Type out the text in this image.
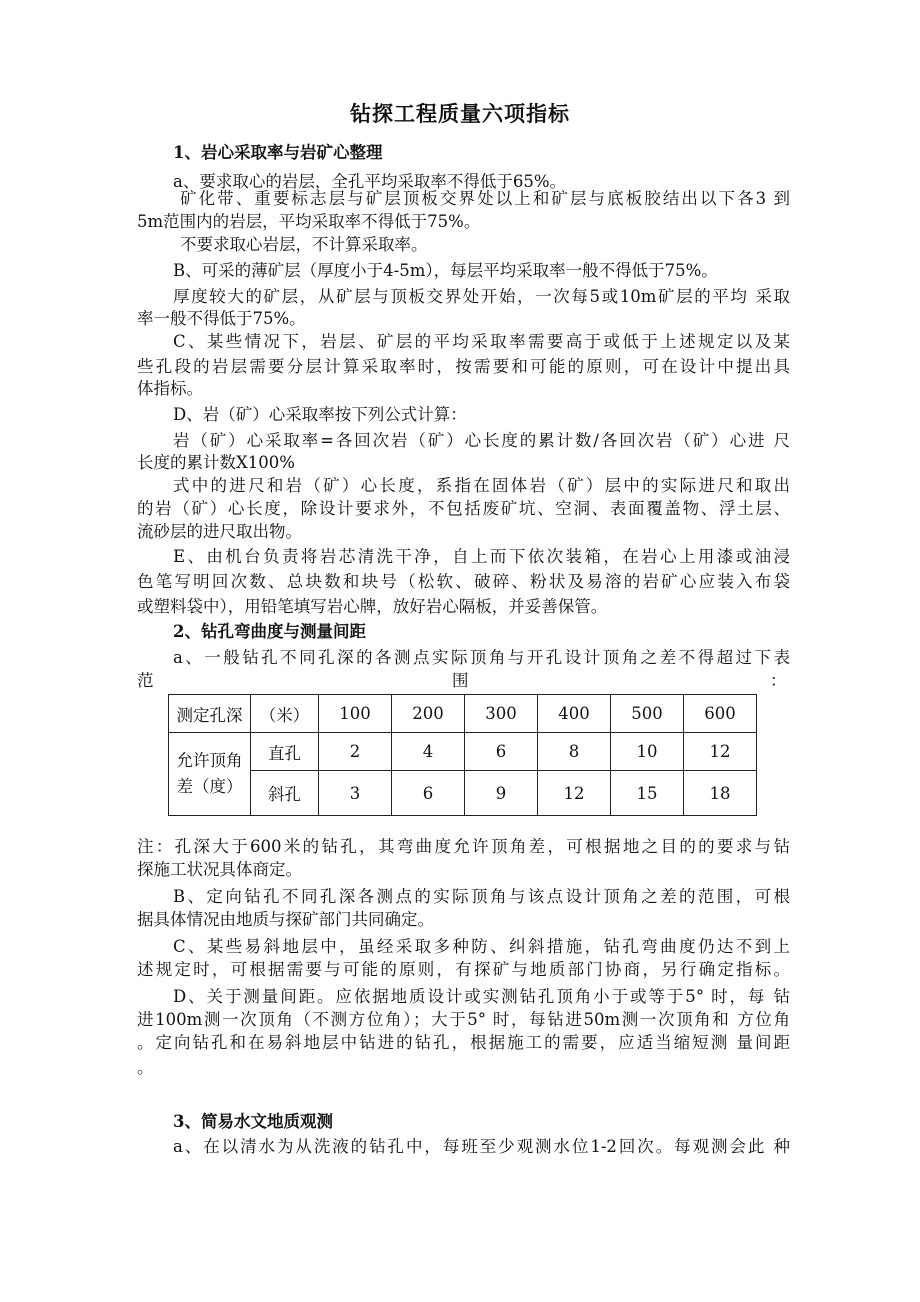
钻探工程质量六项指标
1、岩心采取率与岩矿心整理
a、要求取心的岩层，全孔平均采取率不得低于65%。
矿化带、重要标志层与矿层顶板交界处以上和矿层与底板胶结出以下各3 到
5m范围内的岩层，平均采取率不得低于75%。
不要求取心岩层，不计算采取率。
B、可采的薄矿层（厚度小于4-5m），每层平均采取率一般不得低于75%。
厚度较大的矿层，从矿层与顶板交界处开始，一次每5或10m矿层的平均 采取
率一般不得低于75%。
C、某些情况下，岩层、矿层的平均采取率需要高于或低于上述规定以及某
些孔段的岩层需要分层计算采取率时，按需要和可能的原则，可在设计中提出具
体指标。
D、岩（矿）心采取率按下列公式计算：
岩（矿）心采取率=各回次岩（矿）心长度的累计数/各回次岩（矿）心进 尺
长度的累计数X100%
式中的进尺和岩（矿）心长度，系指在固体岩（矿）层中的实际进尺和取出
的岩（矿）心长度，除设计要求外，不包括废矿坑、空洞、表面覆盖物、浮土层、
流砂层的进尺取出物。
E、由机台负责将岩芯清洗干净，自上而下依次装箱，在岩心上用漆或油浸
色笔写明回次数、总块数和块号（松软、破碎、粉状及易溶的岩矿心应装入布袋
或塑料袋中），用铅笔填写岩心牌，放好岩心隔板，并妥善保管。
2、钻孔弯曲度与测量间距
a、一般钻孔不同孔深的各测点实际顶角与开孔设计顶角之差不得超过下表
注：孔深大于600米的钻孔，其弯曲度允许顶角差，可根据地之目的的要求与钻
探施工状况具体商定。
B、定向钻孔不同孔深各测点的实际顶角与该点设计顶角之差的范围，可根
据具体情况由地质与探矿部门共同确定。
C、某些易斜地层中，虽经采取多种防、纠斜措施，钻孔弯曲度仍达不到上
述规定时，可根据需要与可能的原则，有探矿与地质部门协商，另行确定指标。
D、关于测量间距。应依据地质设计或实测钻孔顶角小于或等于5° 时，每 钻
进100m测一次顶角（不测方位角）；大于5° 时，每钻进50m测一次顶角和 方位角
。定向钻孔和在易斜地层中钻进的钻孔，根据施工的需要，应适当缩短测 量间距
。
3、简易水文地质观测
a、在以清水为从洗液的钻孔中，每班至少观测水位1-2回次。每观测会此 种
范	围	：
测定孔深	（米）	100	200	300	400	500	600
允许顶角差（度）	直孔	2	4	6	8	10	12
	斜孔	3	6	9	12	15	18
